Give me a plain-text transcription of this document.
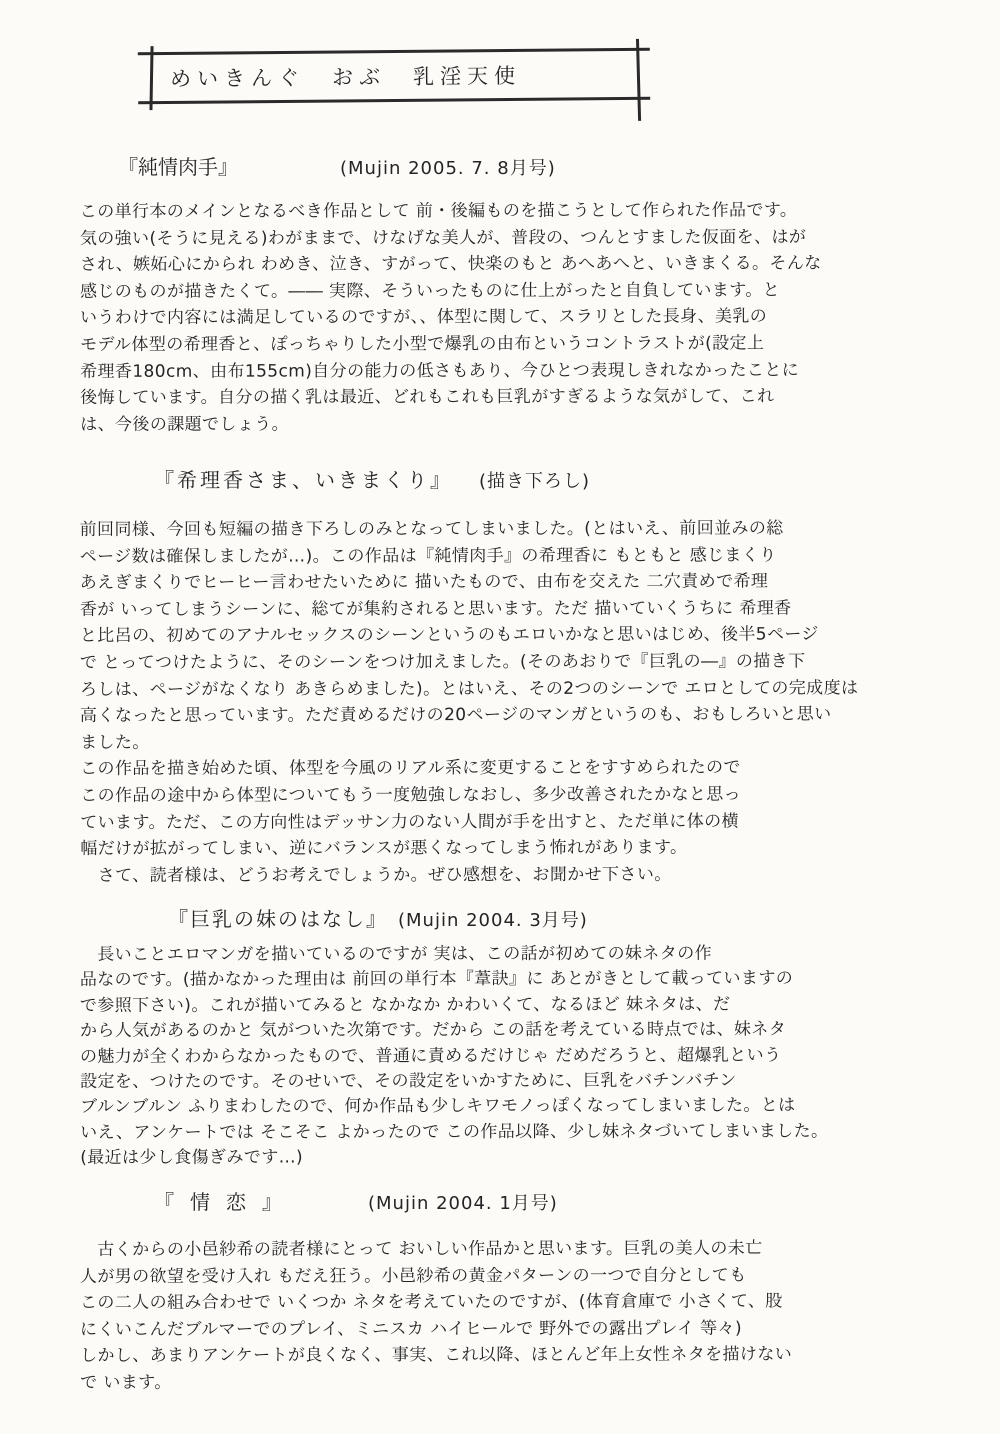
めいきんぐ　おぶ　乳淫天使
『純情肉手』	(Mujin 2005. 7. 8月号)
この単行本のメインとなるべき作品として 前・後編ものを描こうとして作られた作品です。
気の強い(そうに見える)わがままで、けなげな美人が、普段の、つんとすました仮面を、はが
され、嫉妬心にかられ わめき、泣き、すがって、快楽のもと あへあへと、いきまくる。そんな
感じのものが描きたくて。―― 実際、そういったものに仕上がったと自負しています。と
いうわけで内容には満足しているのですが、、体型に関して、スラリとした長身、美乳の
モデル体型の希理香と、ぽっちゃりした小型で爆乳の由布というコントラストが(設定上
希理香180cm、由布155cm)自分の能力の低さもあり、今ひとつ表現しきれなかったことに
後悔しています。自分の描く乳は最近、どれもこれも巨乳がすぎるような気がして、これ
は、今後の課題でしょう。
『希理香さま、いきまくり』 (描き下ろし)
前回同様、今回も短編の描き下ろしのみとなってしまいました。(とはいえ、前回並みの総
ページ数は確保しましたが…)。この作品は『純情肉手』の希理香に もともと 感じまくり
あえぎまくりでヒーヒー言わせたいために 描いたもので、由布を交えた 二穴責めで希理
香が いってしまうシーンに、総てが集約されると思います。ただ 描いていくうちに 希理香
と比呂の、初めてのアナルセックスのシーンというのもエロいかなと思いはじめ、後半5ページ
で とってつけたように、そのシーンをつけ加えました。(そのあおりで『巨乳の―』の描き下
ろしは、ページがなくなり あきらめました)。とはいえ、その2つのシーンで エロとしての完成度は
高くなったと思っています。ただ責めるだけの20ページのマンガというのも、おもしろいと思い
ました。
この作品を描き始めた頃、体型を今風のリアル系に変更することをすすめられたので
この作品の途中から体型についてもう一度勉強しなおし、多少改善されたかなと思っ
ています。ただ、この方向性はデッサン力のない人間が手を出すと、ただ単に体の横
幅だけが拡がってしまい、逆にバランスが悪くなってしまう怖れがあります。
　さて、読者様は、どうお考えでしょうか。ぜひ感想を、お聞かせ下さい。
『巨乳の妹のはなし』 (Mujin 2004. 3月号)
　長いことエロマンガを描いているのですが 実は、この話が初めての妹ネタの作
品なのです。(描かなかった理由は 前回の単行本『葦訣』に あとがきとして載っていますの
で参照下さい)。これが描いてみると なかなか かわいくて、なるほど 妹ネタは、だ
から人気があるのかと 気がついた次第です。だから この話を考えている時点では、妹ネタ
の魅力が全くわからなかったもので、普通に責めるだけじゃ だめだろうと、超爆乳という
設定を、つけたのです。そのせいで、その設定をいかすために、巨乳をバチンバチン
ブルンブルン ふりまわしたので、何か作品も少しキワモノっぽくなってしまいました。とは
いえ、アンケートでは そこそこ よかったので この作品以降、少し妹ネタづいてしまいました。
(最近は少し食傷ぎみです…)
『情恋』	(Mujin 2004. 1月号)
　古くからの小邑紗希の読者様にとって おいしい作品かと思います。巨乳の美人の未亡
人が男の欲望を受け入れ もだえ狂う。小邑紗希の黄金パターンの一つで自分としても
この二人の組み合わせで いくつか ネタを考えていたのですが、(体育倉庫で 小さくて、股
にくいこんだブルマーでのプレイ、ミニスカ ハイヒールで 野外での露出プレイ 等々)
しかし、あまりアンケートが良くなく、事実、これ以降、ほとんど年上女性ネタを描けない
で います。
